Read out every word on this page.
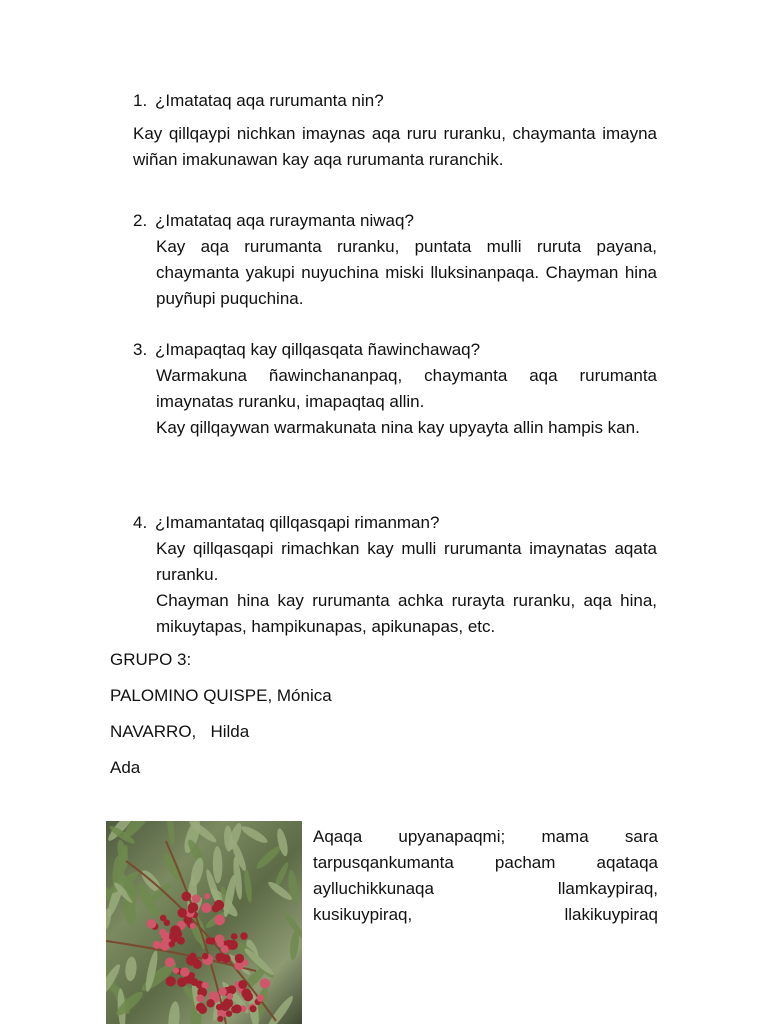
1. ¿Imatataq aqa rurumanta nin?
Kay qillqaypi nichkan imaynas aqa ruru ruranku, chaymanta imayna wiñan imakunawan kay aqa rurumanta ruranchik.
2. ¿Imatataq aqa ruraymanta niwaq?
Kay aqa rurumanta ruranku, puntata mulli ruruta payana, chaymanta yakupi nuyuchina miski lluksinanpaqa. Chayman hina puyñupi puquchina.
3. ¿Imapaqtaq kay qillqasqata ñawinchawaq?
Warmakuna ñawinchananpaq, chaymanta aqa rurumanta imaynatas ruranku, imapaqtaq allin.
Kay qillqaywan warmakunata nina kay upyayta allin hampis kan.
4. ¿Imamantataq qillqasqapi rimanman?
Kay qillqasqapi rimachkan kay mulli rurumanta imaynatas aqata ruranku.
Chayman hina kay rurumanta achka rurayta ruranku, aqa hina, mikuytapas, hampikunapas, apikunapas, etc.
GRUPO 3:
PALOMINO QUISPE, Mónica
NAVARRO,   Hilda
Ada
Aqaqa upyanapaqmi; mama sara
tarpusqankumanta pacham aqataqa
aylluchikkunaqa llamkaypiraq,
kusikuypiraq, llakikuypiraq
